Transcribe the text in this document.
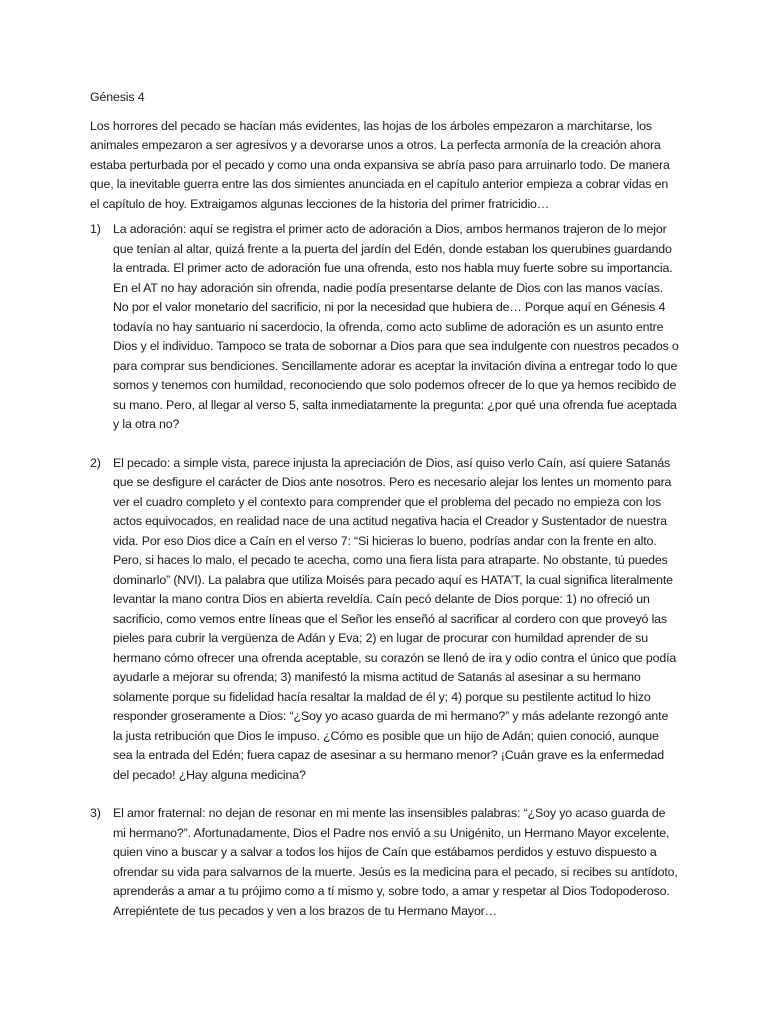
Génesis 4

Los horrores del pecado se hacían más evidentes, las hojas de los árboles empezaron a marchitarse, los animales empezaron a ser agresivos y a devorarse unos a otros. La perfecta armonía de la creación ahora estaba perturbada por el pecado y como una onda expansiva se abría paso para arruinarlo todo. De manera que, la inevitable guerra entre las dos simientes anunciada en el capítulo anterior empieza a cobrar vidas en el capítulo de hoy. Extraigamos algunas lecciones de la historia del primer fratricidio…

1) La adoración: aquí se registra el primer acto de adoración a Dios, ambos hermanos trajeron de lo mejor que tenían al altar, quizá frente a la puerta del jardín del Edén, donde estaban los querubines guardando la entrada. El primer acto de adoración fue una ofrenda, esto nos habla muy fuerte sobre su importancia. En el AT no hay adoración sin ofrenda, nadie podía presentarse delante de Dios con las manos vacías. No por el valor monetario del sacrificio, ni por la necesidad que hubiera de… Porque aquí en Génesis 4 todavía no hay santuario ni sacerdocio, la ofrenda, como acto sublime de adoración es un asunto entre Dios y el individuo. Tampoco se trata de sobornar a Dios para que sea indulgente con nuestros pecados o para comprar sus bendiciones. Sencillamente adorar es aceptar la invitación divina a entregar todo lo que somos y tenemos con humildad, reconociendo que solo podemos ofrecer de lo que ya hemos recibido de su mano. Pero, al llegar al verso 5, salta inmediatamente la pregunta: ¿por qué una ofrenda fue aceptada y la otra no?

2) El pecado: a simple vista, parece injusta la apreciación de Dios, así quiso verlo Caín, así quiere Satanás que se desfigure el carácter de Dios ante nosotros. Pero es necesario alejar los lentes un momento para ver el cuadro completo y el contexto para comprender que el problema del pecado no empieza con los actos equivocados, en realidad nace de una actitud negativa hacia el Creador y Sustentador de nuestra vida. Por eso Dios dice a Caín en el verso 7: “Si hicieras lo bueno, podrías andar con la frente en alto. Pero, si haces lo malo, el pecado te acecha, como una fiera lista para atraparte. No obstante, tú puedes dominarlo” (NVI). La palabra que utiliza Moisés para pecado aquí es HATA’T, la cual significa literalmente levantar la mano contra Dios en abierta reveldía. Caín pecó delante de Dios porque: 1) no ofreció un sacrificio, como vemos entre líneas que el Señor les enseñó al sacrificar al cordero con que proveyó las pieles para cubrir la vergüenza de Adán y Eva; 2) en lugar de procurar con humildad aprender de su hermano cómo ofrecer una ofrenda aceptable, su corazón se llenó de ira y odio contra el único que podía ayudarle a mejorar su ofrenda; 3) manifestó la misma actitud de Satanás al asesinar a su hermano solamente porque su fidelidad hacía resaltar la maldad de él y; 4) porque su pestilente actitud lo hizo responder groseramente a Dios: “¿Soy yo acaso guarda de mi hermano?” y más adelante rezongó ante la justa retribución que Dios le impuso. ¿Cómo es posible que un hijo de Adán; quien conoció, aunque sea la entrada del Edén; fuera capaz de asesinar a su hermano menor? ¡Cuán grave es la enfermedad del pecado! ¿Hay alguna medicina?

3) El amor fraternal: no dejan de resonar en mi mente las insensibles palabras: “¿Soy yo acaso guarda de mi hermano?”. Afortunadamente, Dios el Padre nos envió a su Unigénito, un Hermano Mayor excelente, quien vino a buscar y a salvar a todos los hijos de Caín que estábamos perdidos y estuvo dispuesto a ofrendar su vida para salvarnos de la muerte. Jesús es la medicina para el pecado, si recibes su antídoto, aprenderás a amar a tu prójimo como a tí mismo y, sobre todo, a amar y respetar al Dios Todopoderoso. Arrepiéntete de tus pecados y ven a los brazos de tu Hermano Mayor…
